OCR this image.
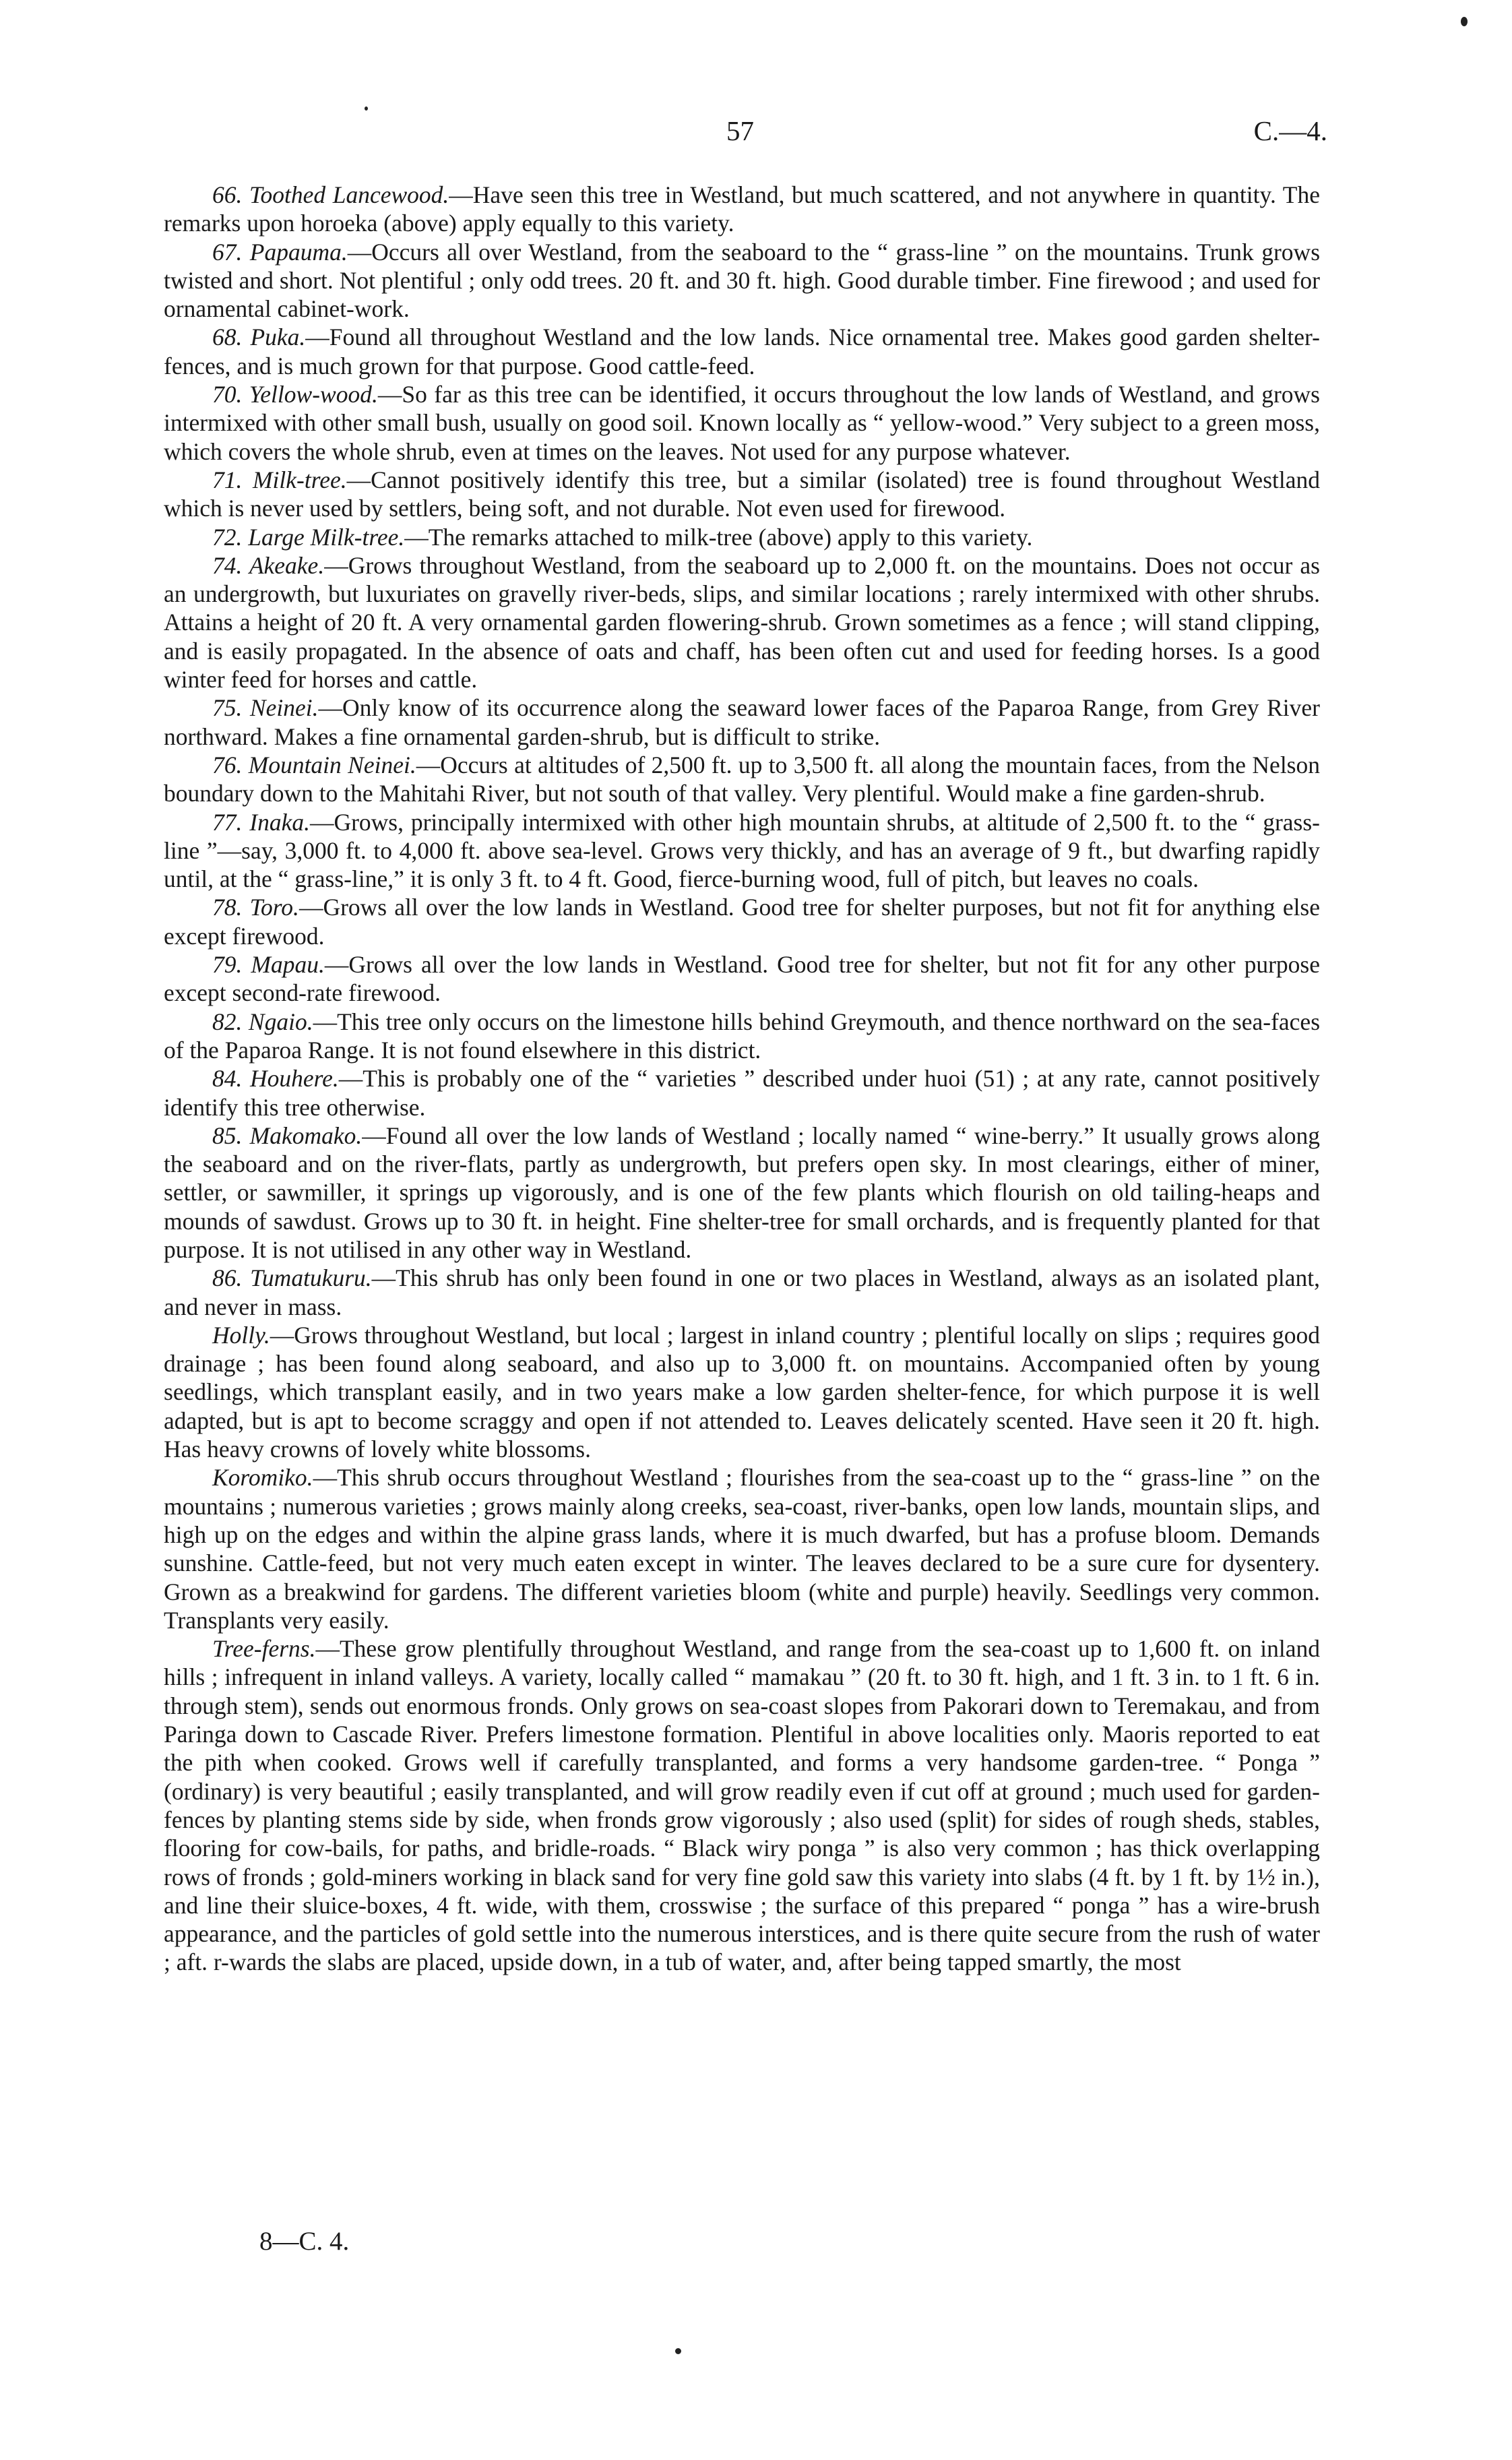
57	C.—4.

66. Toothed Lancewood.—Have seen this tree in Westland, but much scattered, and not anywhere in quantity. The remarks upon horoeka (above) apply equally to this variety.

67. Papauma.—Occurs all over Westland, from the seaboard to the “ grass-line ” on the mountains. Trunk grows twisted and short. Not plentiful ; only odd trees. 20 ft. and 30 ft. high. Good durable timber. Fine firewood ; and used for ornamental cabinet-work.

68. Puka.—Found all throughout Westland and the low lands. Nice ornamental tree. Makes good garden shelter-fences, and is much grown for that purpose. Good cattle-feed.

70. Yellow-wood.—So far as this tree can be identified, it occurs throughout the low lands of Westland, and grows intermixed with other small bush, usually on good soil. Known locally as “ yellow-wood.” Very subject to a green moss, which covers the whole shrub, even at times on the leaves. Not used for any purpose whatever.

71. Milk-tree.—Cannot positively identify this tree, but a similar (isolated) tree is found throughout Westland which is never used by settlers, being soft, and not durable. Not even used for firewood.

72. Large Milk-tree.—The remarks attached to milk-tree (above) apply to this variety.

74. Akeake.—Grows throughout Westland, from the seaboard up to 2,000 ft. on the mountains. Does not occur as an undergrowth, but luxuriates on gravelly river-beds, slips, and similar locations ; rarely intermixed with other shrubs. Attains a height of 20 ft. A very ornamental garden flowering-shrub. Grown sometimes as a fence ; will stand clipping, and is easily propagated. In the absence of oats and chaff, has been often cut and used for feeding horses. Is a good winter feed for horses and cattle.

75. Neinei.—Only know of its occurrence along the seaward lower faces of the Paparoa Range, from Grey River northward. Makes a fine ornamental garden-shrub, but is difficult to strike.

76. Mountain Neinei.—Occurs at altitudes of 2,500 ft. up to 3,500 ft. all along the mountain faces, from the Nelson boundary down to the Mahitahi River, but not south of that valley. Very plentiful. Would make a fine garden-shrub.

77. Inaka.—Grows, principally intermixed with other high mountain shrubs, at altitude of 2,500 ft. to the “ grass-line ”—say, 3,000 ft. to 4,000 ft. above sea-level. Grows very thickly, and has an average of 9 ft., but dwarfing rapidly until, at the “ grass-line,” it is only 3 ft. to 4 ft. Good, fierce-burning wood, full of pitch, but leaves no coals.

78. Toro.—Grows all over the low lands in Westland. Good tree for shelter purposes, but not fit for anything else except firewood.

79. Mapau.—Grows all over the low lands in Westland. Good tree for shelter, but not fit for any other purpose except second-rate firewood.

82. Ngaio.—This tree only occurs on the limestone hills behind Greymouth, and thence northward on the sea-faces of the Paparoa Range. It is not found elsewhere in this district.

84. Houhere.—This is probably one of the “ varieties ” described under huoi (51) ; at any rate, cannot positively identify this tree otherwise.

85. Makomako.—Found all over the low lands of Westland ; locally named “ wine-berry.” It usually grows along the seaboard and on the river-flats, partly as undergrowth, but prefers open sky. In most clearings, either of miner, settler, or sawmiller, it springs up vigorously, and is one of the few plants which flourish on old tailing-heaps and mounds of sawdust. Grows up to 30 ft. in height. Fine shelter-tree for small orchards, and is frequently planted for that purpose. It is not utilised in any other way in Westland.

86. Tumatukuru.—This shrub has only been found in one or two places in Westland, always as an isolated plant, and never in mass.

Holly.—Grows throughout Westland, but local ; largest in inland country ; plentiful locally on slips ; requires good drainage ; has been found along seaboard, and also up to 3,000 ft. on mountains. Accompanied often by young seedlings, which transplant easily, and in two years make a low garden shelter-fence, for which purpose it is well adapted, but is apt to become scraggy and open if not attended to. Leaves delicately scented. Have seen it 20 ft. high. Has heavy crowns of lovely white blossoms.

Koromiko.—This shrub occurs throughout Westland ; flourishes from the sea-coast up to the “ grass-line ” on the mountains ; numerous varieties ; grows mainly along creeks, sea-coast, river-banks, open low lands, mountain slips, and high up on the edges and within the alpine grass lands, where it is much dwarfed, but has a profuse bloom. Demands sunshine. Cattle-feed, but not very much eaten except in winter. The leaves declared to be a sure cure for dysentery. Grown as a breakwind for gardens. The different varieties bloom (white and purple) heavily. Seedlings very common. Transplants very easily.

Tree-ferns.—These grow plentifully throughout Westland, and range from the sea-coast up to 1,600 ft. on inland hills ; infrequent in inland valleys. A variety, locally called “ mamakau ” (20 ft. to 30 ft. high, and 1 ft. 3 in. to 1 ft. 6 in. through stem), sends out enormous fronds. Only grows on sea-coast slopes from Pakorari down to Teremakau, and from Paringa down to Cascade River. Prefers limestone formation. Plentiful in above localities only. Maoris reported to eat the pith when cooked. Grows well if carefully transplanted, and forms a very handsome garden-tree. “ Ponga ” (ordinary) is very beautiful ; easily transplanted, and will grow readily even if cut off at ground ; much used for garden-fences by planting stems side by side, when fronds grow vigorously ; also used (split) for sides of rough sheds, stables, flooring for cow-bails, for paths, and bridle-roads. “ Black wiry ponga ” is also very common ; has thick overlapping rows of fronds ; gold-miners working in black sand for very fine gold saw this variety into slabs (4 ft. by 1 ft. by 1½ in.), and line their sluice-boxes, 4 ft. wide, with them, crosswise ; the surface of this prepared “ ponga ” has a wire-brush appearance, and the particles of gold settle into the numerous interstices, and is there quite secure from the rush of water ; aft. r-wards the slabs are placed, upside down, in a tub of water, and, after being tapped smartly, the most

8—C. 4.
